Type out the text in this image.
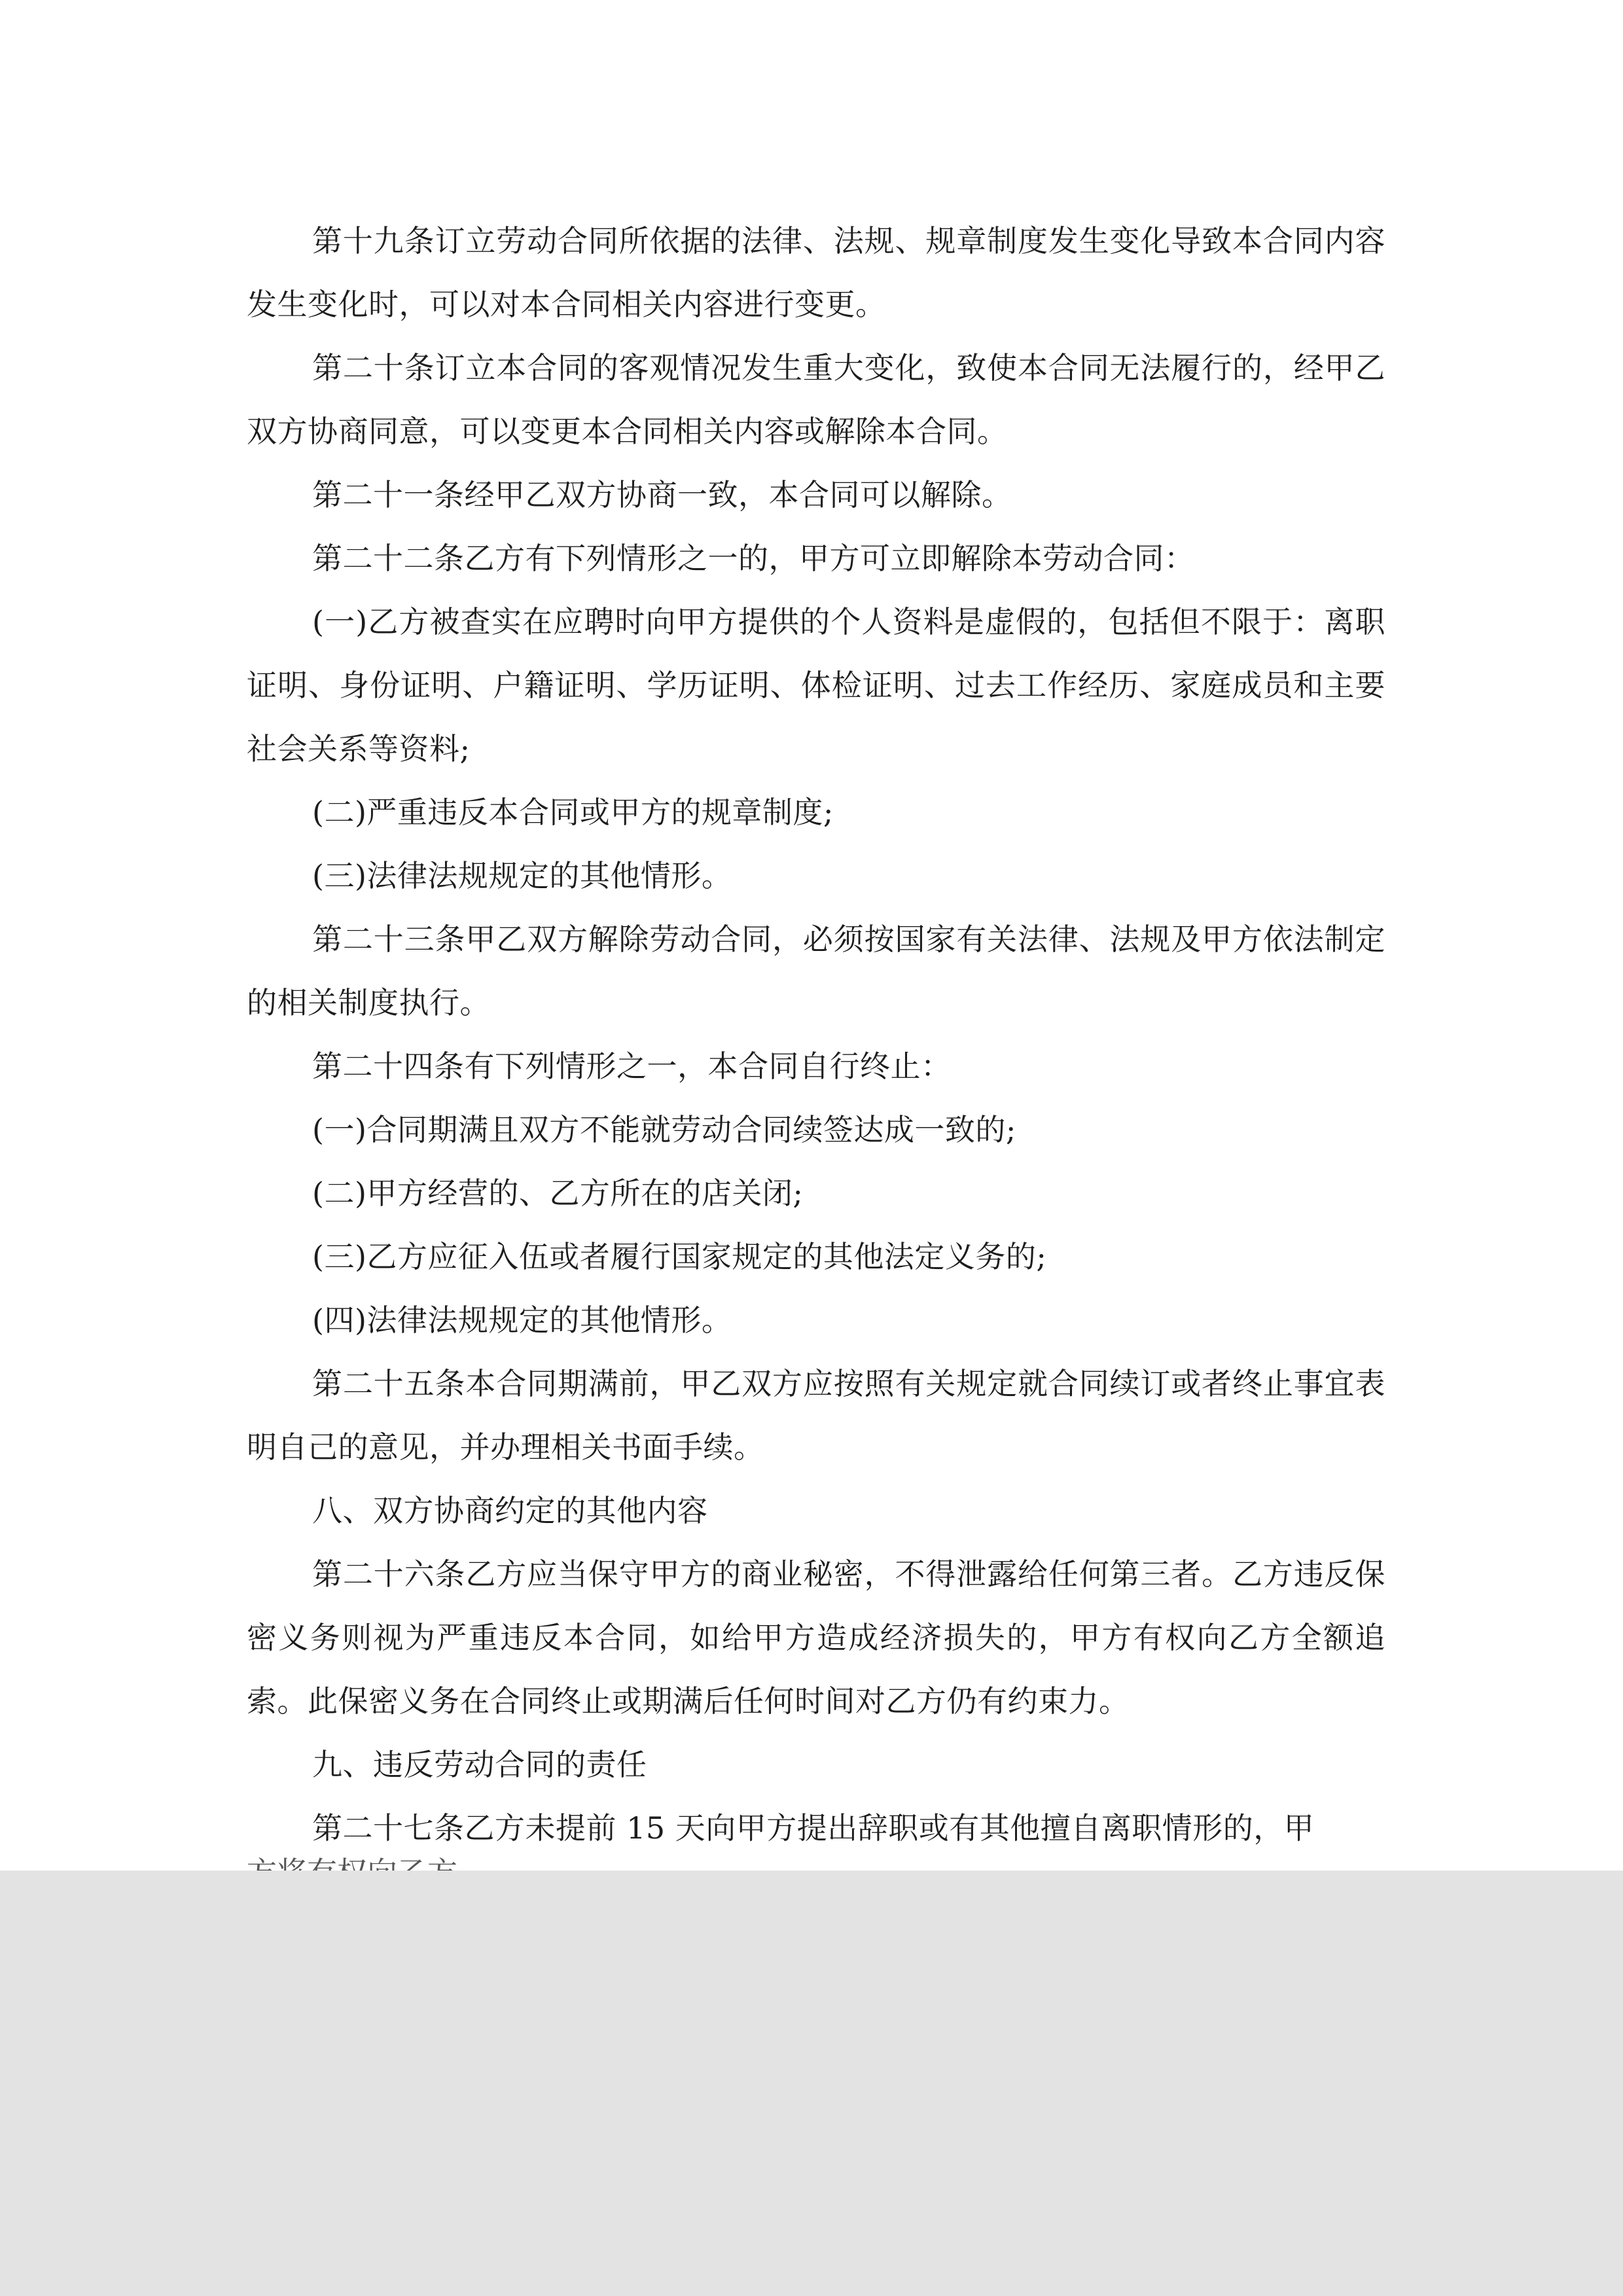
第十九条订立劳动合同所依据的法律、法规、规章制度发生变化导致本合同内容发生变化时，可以对本合同相关内容进行变更。

第二十条订立本合同的客观情况发生重大变化，致使本合同无法履行的，经甲乙双方协商同意，可以变更本合同相关内容或解除本合同。

第二十一条经甲乙双方协商一致，本合同可以解除。

第二十二条乙方有下列情形之一的，甲方可立即解除本劳动合同：

(一)乙方被查实在应聘时向甲方提供的个人资料是虚假的，包括但不限于：离职证明、身份证明、户籍证明、学历证明、体检证明、过去工作经历、家庭成员和主要社会关系等资料;

(二)严重违反本合同或甲方的规章制度;

(三)法律法规规定的其他情形。

第二十三条甲乙双方解除劳动合同，必须按国家有关法律、法规及甲方依法制定的相关制度执行。

第二十四条有下列情形之一，本合同自行终止：

(一)合同期满且双方不能就劳动合同续签达成一致的;

(二)甲方经营的、乙方所在的店关闭;

(三)乙方应征入伍或者履行国家规定的其他法定义务的;

(四)法律法规规定的其他情形。

第二十五条本合同期满前，甲乙双方应按照有关规定就合同续订或者终止事宜表明自己的意见，并办理相关书面手续。

八、双方协商约定的其他内容

第二十六条乙方应当保守甲方的商业秘密，不得泄露给任何第三者。乙方违反保密义务则视为严重违反本合同，如给甲方造成经济损失的，甲方有权向乙方全额追索。此保密义务在合同终止或期满后任何时间对乙方仍有约束力。

九、违反劳动合同的责任

第二十七条乙方未提前 15 天向甲方提出辞职或有其他擅自离职情形的，甲
